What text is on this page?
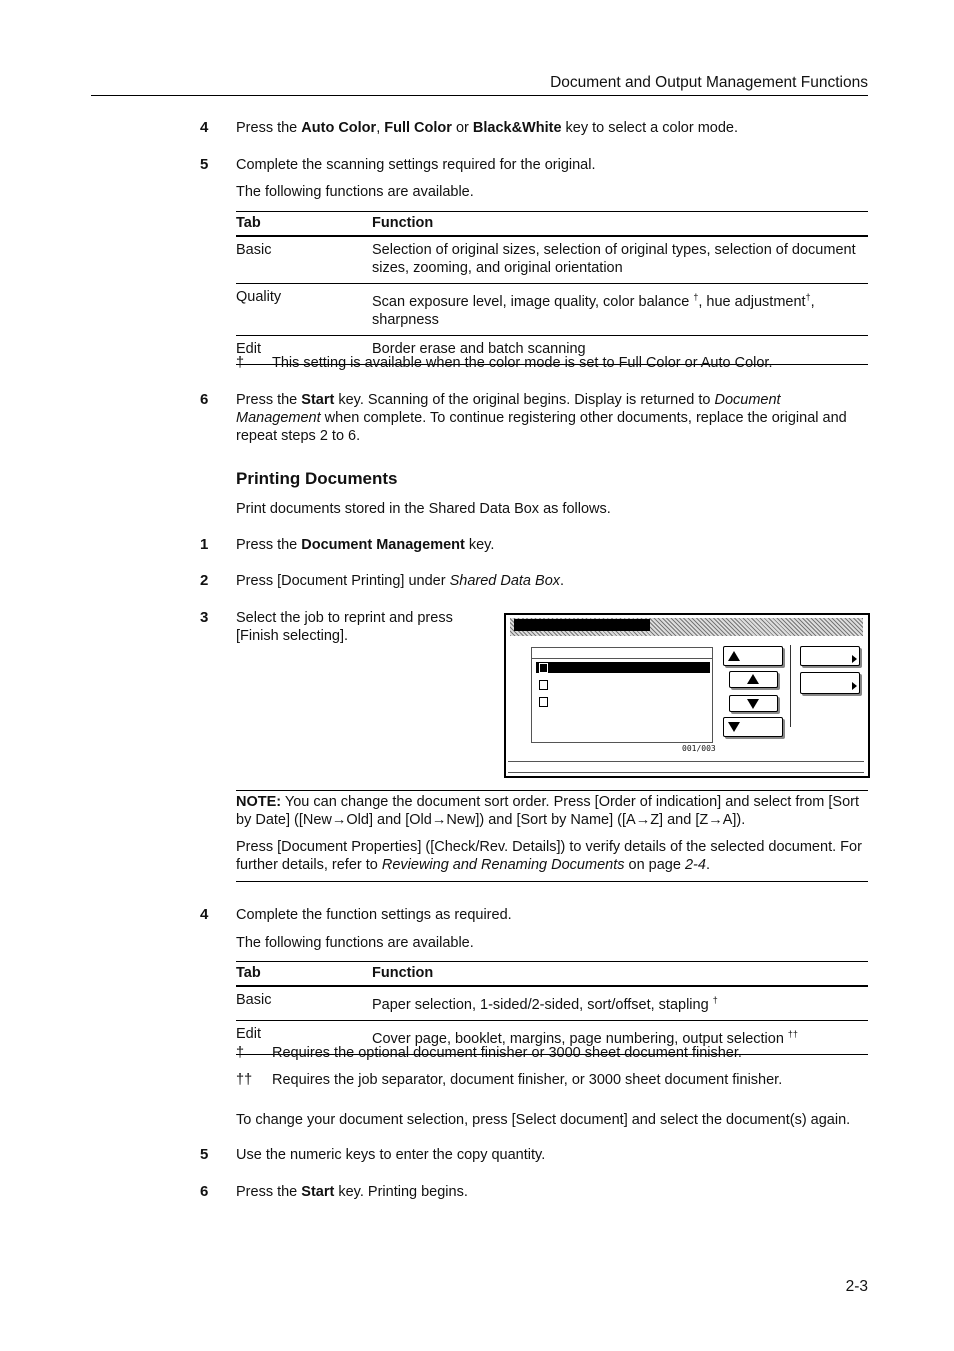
Document and Output Management Functions
4 Press the Auto Color, Full Color or Black&White key to select a color mode.
5 Complete the scanning settings required for the original.
The following functions are available.
Tab	Function
Basic	Selection of original sizes, selection of original types, selection of document sizes, zooming, and original orientation
Quality	Scan exposure level, image quality, color balance †, hue adjustment†, sharpness
Edit	Border erase and batch scanning
† This setting is available when the color mode is set to Full Color or Auto Color.
6 Press the Start key. Scanning of the original begins. Display is returned to Document Management when complete. To continue registering other documents, replace the original and repeat steps 2 to 6.
Printing Documents
Print documents stored in the Shared Data Box as follows.
1 Press the Document Management key.
2 Press [Document Printing] under Shared Data Box.
3 Select the job to reprint and press [Finish selecting].
001/003
NOTE: You can change the document sort order. Press [Order of indication] and select from [Sort by Date] ([New→Old] and [Old→New]) and [Sort by Name] ([A→Z] and [Z→A]).
Press [Document Properties] ([Check/Rev. Details]) to verify details of the selected document. For further details, refer to Reviewing and Renaming Documents on page 2-4.
4 Complete the function settings as required.
The following functions are available.
Tab	Function
Basic	Paper selection, 1-sided/2-sided, sort/offset, stapling †
Edit	Cover page, booklet, margins, page numbering, output selection ††
† Requires the optional document finisher or 3000 sheet document finisher.
†† Requires the job separator, document finisher, or 3000 sheet document finisher.
To change your document selection, press [Select document] and select the document(s) again.
5 Use the numeric keys to enter the copy quantity.
6 Press the Start key. Printing begins.
2-3
